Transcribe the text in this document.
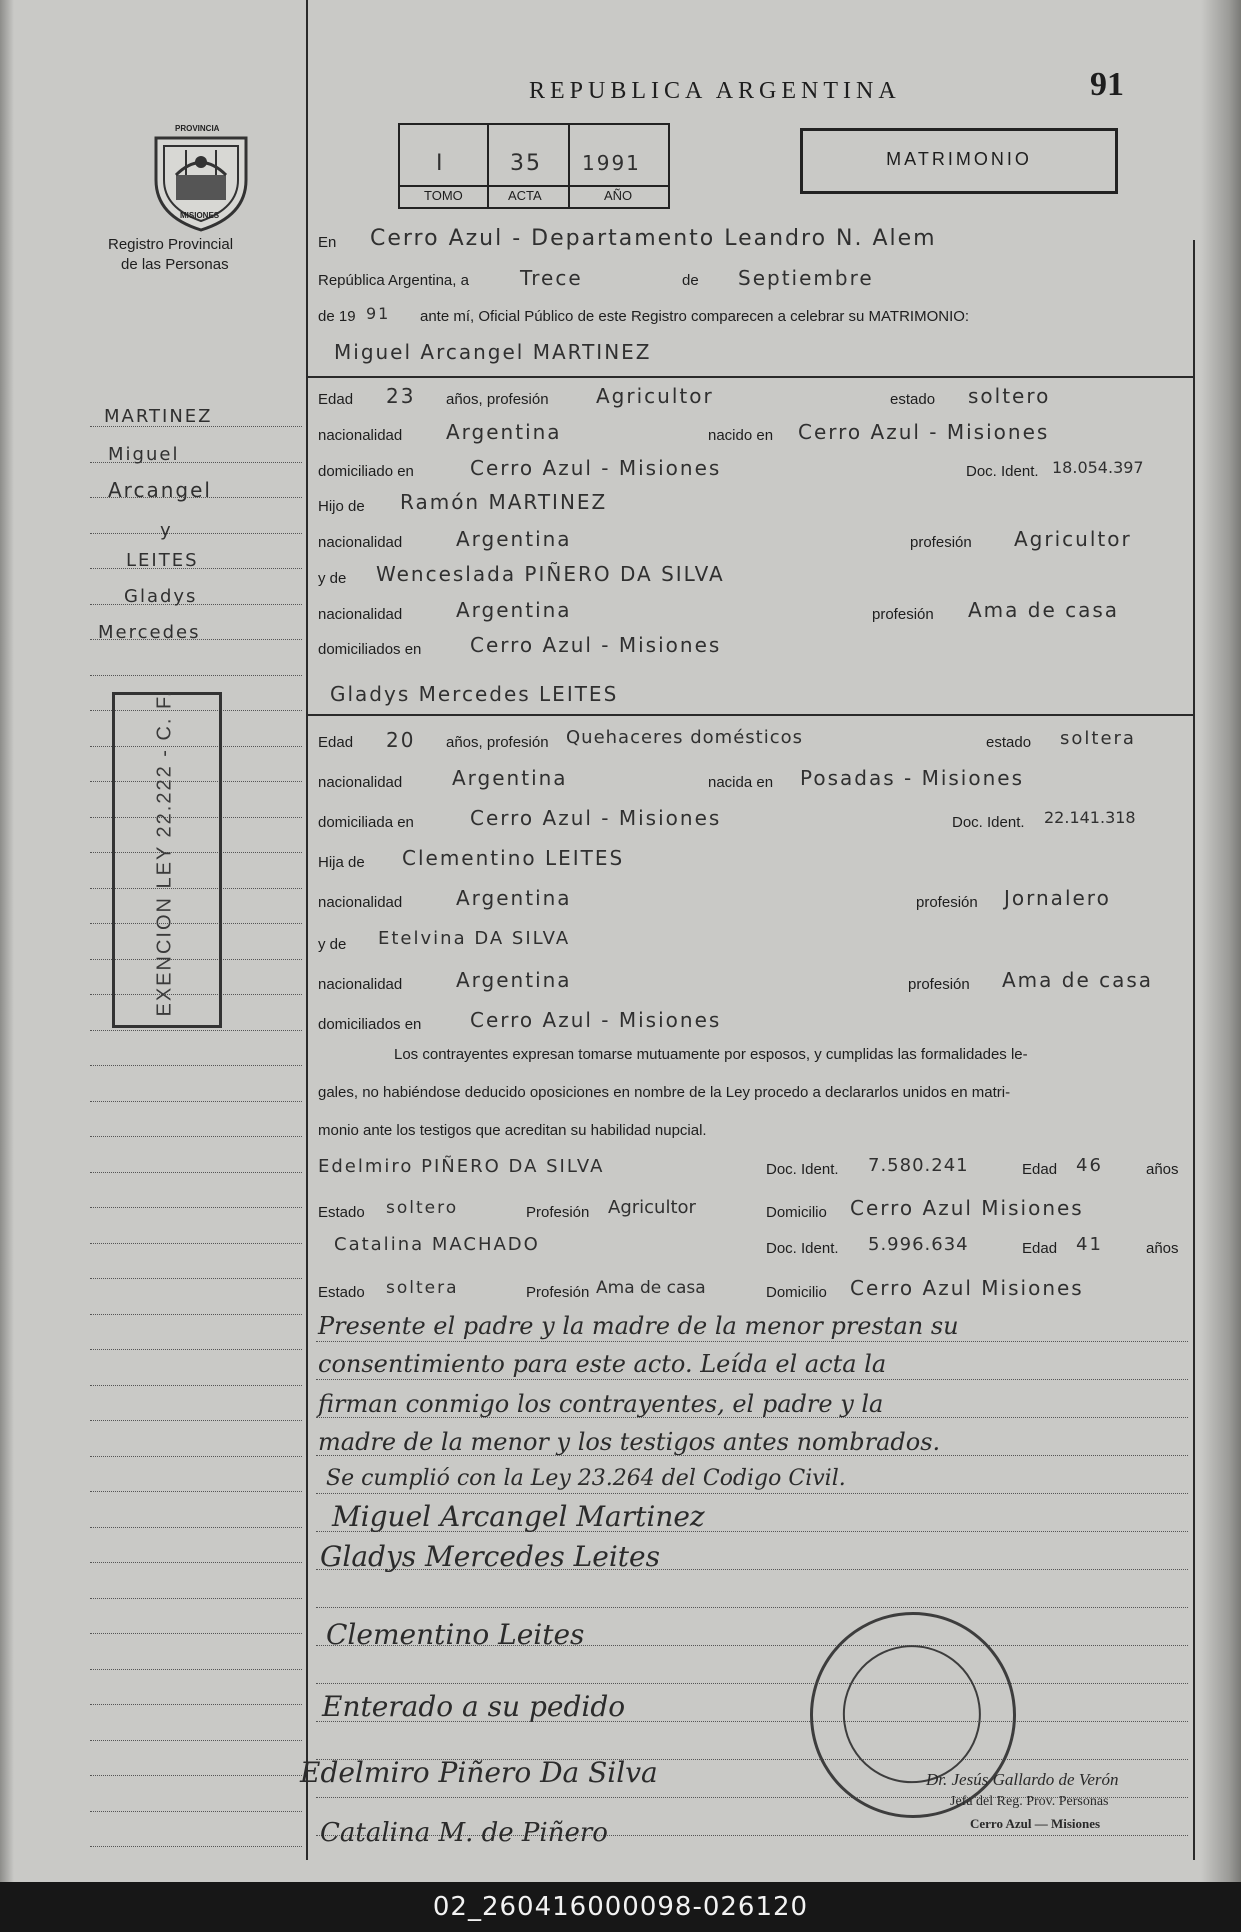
PROVINCIA
MISIONES
Registro Provincial
de las Personas
REPUBLICA ARGENTINA	91
I	35 1991
TOMO	ACTA	AÑO
MATRIMONIO
En Cerro Azul - Departamento Leandro N. Alem
República Argentina, a	Trece	de Septiembre
de 19 91 ante mí, Oficial Público de este Registro comparecen a celebrar su MATRIMONIO:
Miguel Arcangel MARTINEZ
Edad 23 años, profesión Agricultor	estado soltero
nacionalidad Argentina	nacido en Cerro Azul - Misiones
domiciliado en	Cerro Azul - Misiones	Doc. Ident. 18.054.397
Hijo de Ramón MARTINEZ
nacionalidad	Argentina	profesión Agricultor
y de Wenceslada PIÑERO DA SILVA
nacionalidad	Argentina	profesión Ama de casa
domiciliados en Cerro Azul - Misiones
Gladys Mercedes LEITES
Edad 20 años, profesión Quehaceres domésticos	estado soltera
nacionalidad Argentina	nacida en Posadas - Misiones
domiciliada en	Cerro Azul - Misiones	Doc. Ident. 22.141.318
Hija de Clementino LEITES
nacionalidad	Argentina	profesión Jornalero
y de Etelvina DA SILVA
nacionalidad	Argentina	profesión Ama de casa
domiciliados en Cerro Azul - Misiones
Los contrayentes expresan tomarse mutuamente por esposos, y cumplidas las formalidades le-
gales, no habiéndose deducido oposiciones en nombre de la Ley procedo a declararlos unidos en matri-
monio ante los testigos que acreditan su habilidad nupcial.
Edelmiro PIÑERO DA SILVA	Doc. Ident. 7.580.241	Edad 46	años
Estado soltero	Profesión Agricultor	Domicilio Cerro Azul Misiones
Catalina MACHADO	Doc. Ident. 5.996.634	Edad 41	años
Estado soltera	Profesión Ama de casa	Domicilio Cerro Azul Misiones
Presente el padre y la madre de la menor prestan su
consentimiento para este acto. Leída el acta la
firman conmigo los contrayentes, el padre y la
madre de la menor y los testigos antes nombrados.
Se cumplió con la Ley 23.264 del Codigo Civil.
Miguel Arcangel Martinez
Gladys Mercedes Leites
Clementino Leites
Enterado a su pedido
Edelmiro Piñero Da Silva
Catalina M. de Piñero
Dr. Jesús Gallardo de Verón
Jefa del Reg. Prov. Personas
Cerro Azul — Misiones
MARTINEZ
Miguel
Arcangel
y
LEITES
Gladys
Mercedes
EXENCION LEY 22.222 - C. F.
02_260416000098-026120
